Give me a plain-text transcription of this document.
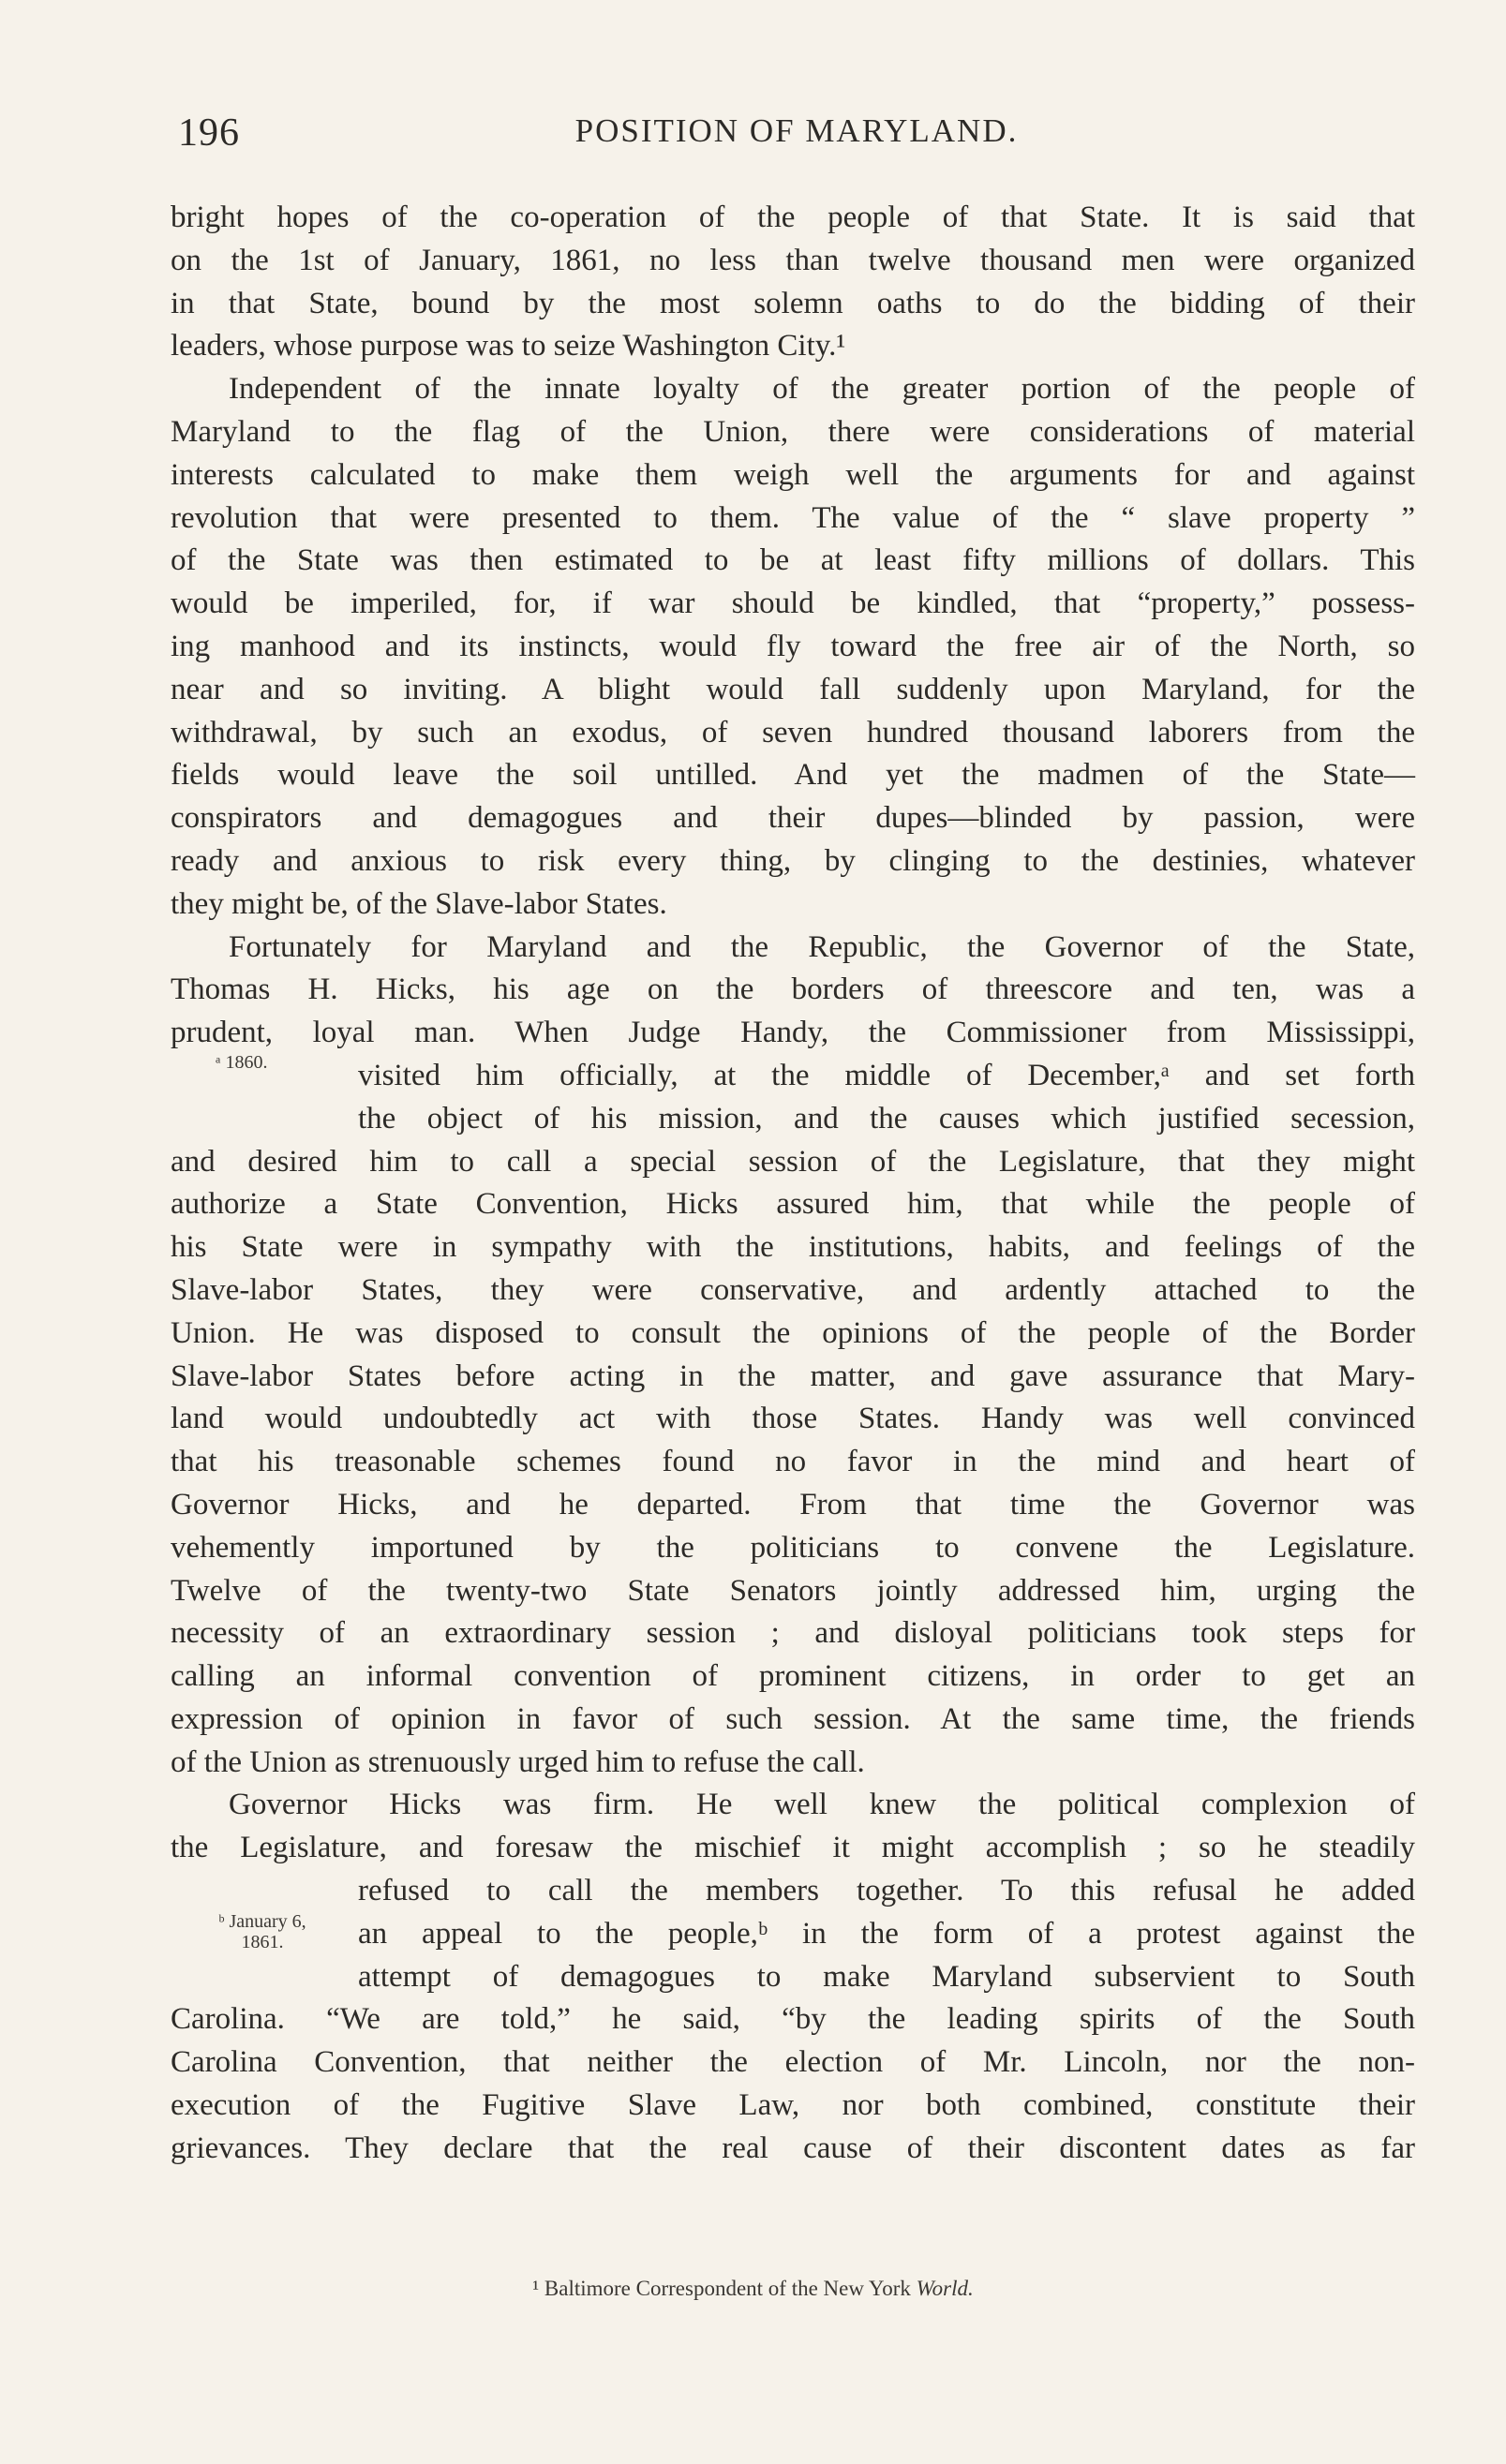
196	POSITION OF MARYLAND.
bright hopes of the co-operation of the people of that State. It is said that
on the 1st of January, 1861, no less than twelve thousand men were organized
in that State, bound by the most solemn oaths to do the bidding of their
leaders, whose purpose was to seize Washington City.¹
Independent of the innate loyalty of the greater portion of the people of
Maryland to the flag of the Union, there were considerations of material
interests calculated to make them weigh well the arguments for and against
revolution that were presented to them. The value of the “ slave property ”
of the State was then estimated to be at least fifty millions of dollars. This
would be imperiled, for, if war should be kindled, that “property,” possess-
ing manhood and its instincts, would fly toward the free air of the North, so
near and so inviting. A blight would fall suddenly upon Maryland, for the
withdrawal, by such an exodus, of seven hundred thousand laborers from the
fields would leave the soil untilled. And yet the madmen of the State—
conspirators and demagogues and their dupes—blinded by passion, were
ready and anxious to risk every thing, by clinging to the destinies, whatever
they might be, of the Slave-labor States.
Fortunately for Maryland and the Republic, the Governor of the State,
Thomas H. Hicks, his age on the borders of threescore and ten, was a
prudent, loyal man. When Judge Handy, the Commissioner from Mississippi,
visited him officially, at the middle of December,ᵃ and set forth
the object of his mission, and the causes which justified secession,
and desired him to call a special session of the Legislature, that they might
authorize a State Convention, Hicks assured him, that while the people of
his State were in sympathy with the institutions, habits, and feelings of the
Slave-labor States, they were conservative, and ardently attached to the
Union. He was disposed to consult the opinions of the people of the Border
Slave-labor States before acting in the matter, and gave assurance that Mary-
land would undoubtedly act with those States. Handy was well convinced
that his treasonable schemes found no favor in the mind and heart of
Governor Hicks, and he departed. From that time the Governor was
vehemently importuned by the politicians to convene the Legislature.
Twelve of the twenty-two State Senators jointly addressed him, urging the
necessity of an extraordinary session ; and disloyal politicians took steps for
calling an informal convention of prominent citizens, in order to get an
expression of opinion in favor of such session. At the same time, the friends
of the Union as strenuously urged him to refuse the call.
Governor Hicks was firm. He well knew the political complexion of
the Legislature, and foresaw the mischief it might accomplish ; so he steadily
refused to call the members together. To this refusal he added
an appeal to the people,ᵇ in the form of a protest against the
attempt of demagogues to make Maryland subservient to South
Carolina. “We are told,” he said, “by the leading spirits of the South
Carolina Convention, that neither the election of Mr. Lincoln, nor the non-
execution of the Fugitive Slave Law, nor both combined, constitute their
grievances. They declare that the real cause of their discontent dates as far
ᵃ 1860.
ᵇ January 6,
1861.
¹ Baltimore Correspondent of the New York World.
